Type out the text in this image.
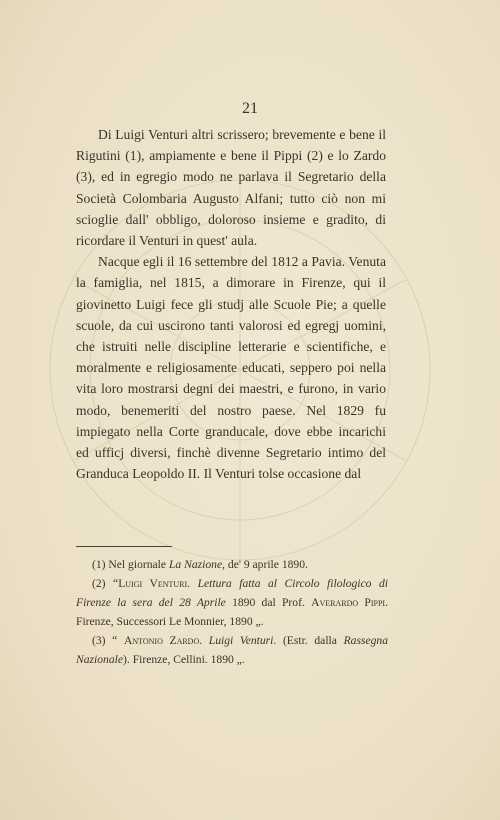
21

Di Luigi Venturi altri scrissero; brevemente e bene il Rigutini (1), ampiamente e bene il Pippi (2) e lo Zardo (3), ed in egregio modo ne parlava il Segretario della Società Colombaria Augusto Alfani; tutto ciò non mi scioglie dall' obbligo, doloroso insieme e gradito, di ricordare il Venturi in quest' aula.

Nacque egli il 16 settembre del 1812 a Pavia. Venuta la famiglia, nel 1815, a dimorare in Firenze, qui il giovinetto Luigi fece gli studj alle Scuole Pie; a quelle scuole, da cui uscirono tanti valorosi ed egregj uomini, che istruiti nelle discipline letterarie e scientifiche, e moralmente e religiosamente educati, seppero poi nella vita loro mostrarsi degni dei maestri, e furono, in vario modo, benemeriti del nostro paese. Nel 1829 fu impiegato nella Corte granducale, dove ebbe incarichi ed ufficj diversi, finchè divenne Segretario intimo del Granduca Leopoldo II. Il Venturi tolse occasione dal

(1) Nel giornale La Nazione, de' 9 aprile 1890.

(2) “Luigi Venturi. Lettura fatta al Circolo filologico di Firenze la sera del 28 Aprile 1890 dal Prof. Averardo Pippi. Firenze, Successori Le Monnier, 1890 „.

(3) “ Antonio Zardo. Luigi Venturi. (Estr. dalla Rassegna Nazionale). Firenze, Cellini. 1890 „.
